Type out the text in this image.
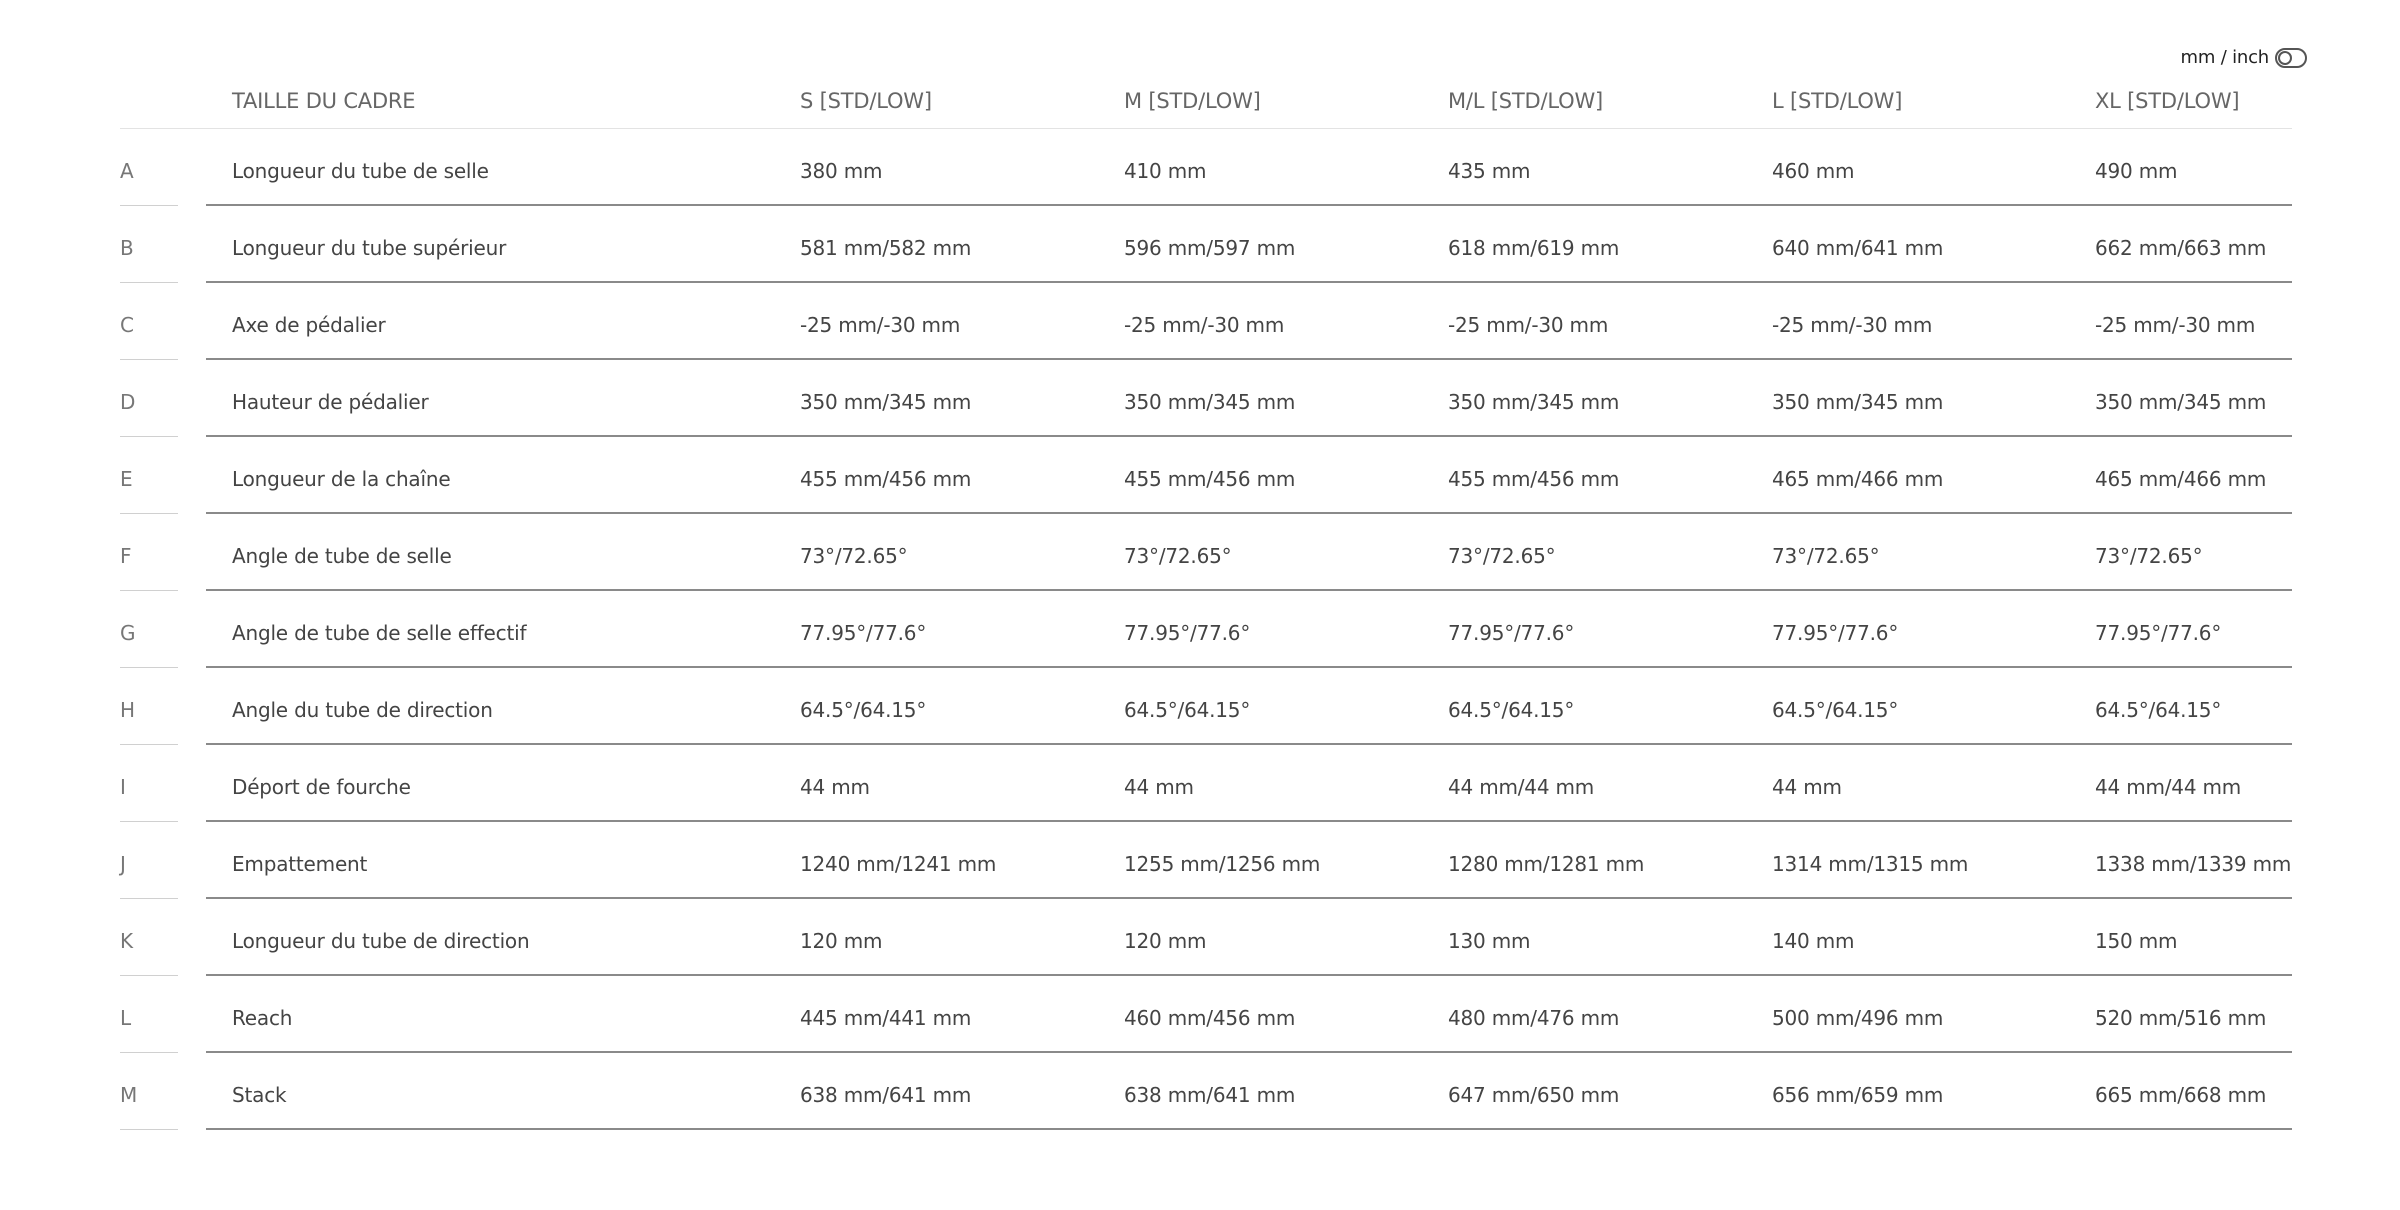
mm / inch
TAILLE DU CADRE	S [STD/LOW]	M [STD/LOW]	M/L [STD/LOW]	L [STD/LOW]	XL [STD/LOW]
A	Longueur du tube de selle	380 mm	410 mm	435 mm	460 mm	490 mm
B	Longueur du tube supérieur	581 mm/582 mm	596 mm/597 mm	618 mm/619 mm	640 mm/641 mm	662 mm/663 mm
C	Axe de pédalier	-25 mm/-30 mm	-25 mm/-30 mm	-25 mm/-30 mm	-25 mm/-30 mm	-25 mm/-30 mm
D	Hauteur de pédalier	350 mm/345 mm	350 mm/345 mm	350 mm/345 mm	350 mm/345 mm	350 mm/345 mm
E	Longueur de la chaîne	455 mm/456 mm	455 mm/456 mm	455 mm/456 mm	465 mm/466 mm	465 mm/466 mm
F	Angle de tube de selle	73°/72.65°	73°/72.65°	73°/72.65°	73°/72.65°	73°/72.65°
G	Angle de tube de selle effectif	77.95°/77.6°	77.95°/77.6°	77.95°/77.6°	77.95°/77.6°	77.95°/77.6°
H	Angle du tube de direction	64.5°/64.15°	64.5°/64.15°	64.5°/64.15°	64.5°/64.15°	64.5°/64.15°
I	Déport de fourche	44 mm	44 mm	44 mm/44 mm	44 mm	44 mm/44 mm
J	Empattement	1240 mm/1241 mm	1255 mm/1256 mm	1280 mm/1281 mm	1314 mm/1315 mm	1338 mm/1339 mm
K	Longueur du tube de direction	120 mm	120 mm	130 mm	140 mm	150 mm
L	Reach	445 mm/441 mm	460 mm/456 mm	480 mm/476 mm	500 mm/496 mm	520 mm/516 mm
M	Stack	638 mm/641 mm	638 mm/641 mm	647 mm/650 mm	656 mm/659 mm	665 mm/668 mm
